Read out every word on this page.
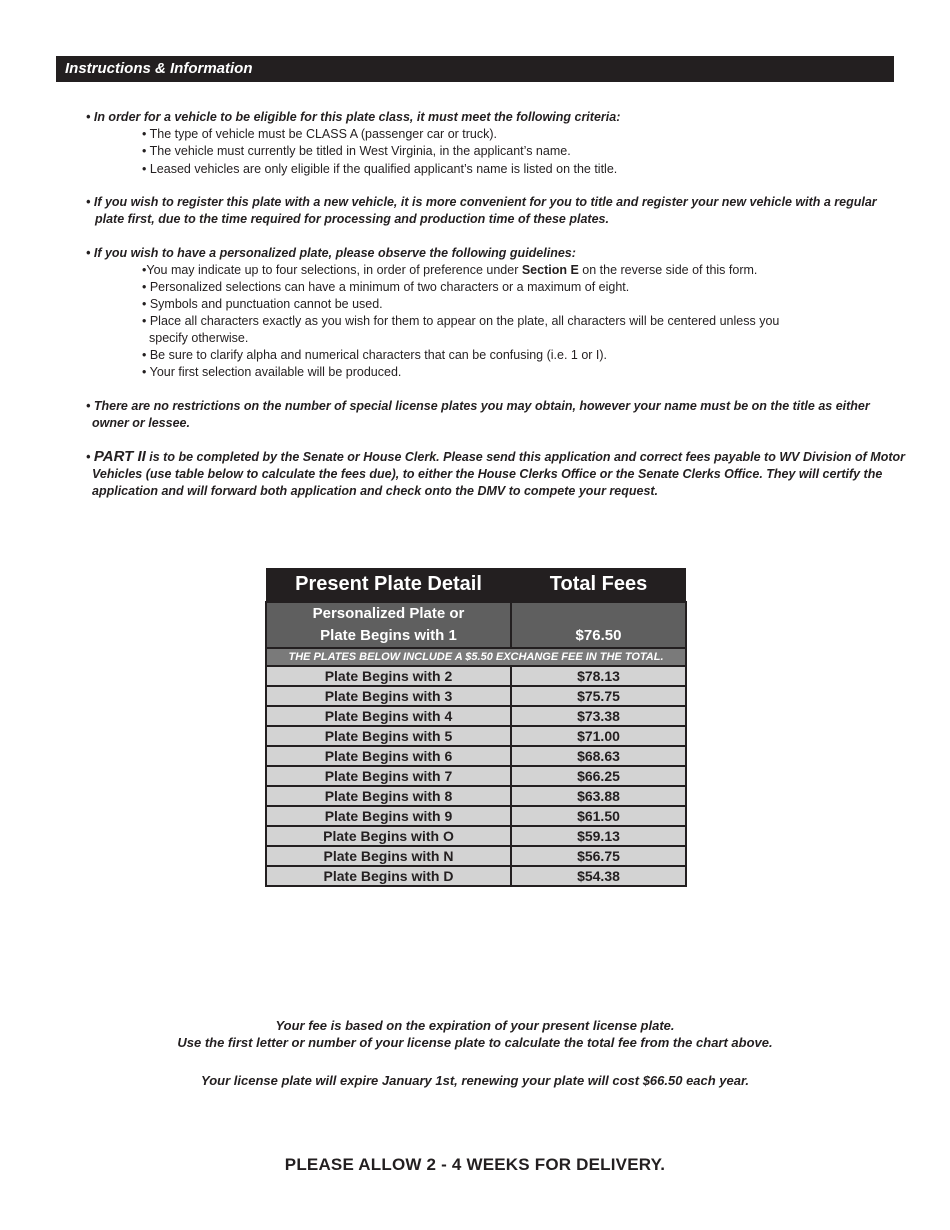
Instructions & Information
• In order for a vehicle to be eligible for this plate class, it must meet the following criteria:
• The type of vehicle must be CLASS A (passenger car or truck).
• The vehicle must currently be titled in West Virginia, in the applicant’s name.
• Leased vehicles are only eligible if the qualified applicant’s name is listed on the title.
• If you wish to register this plate with a new vehicle, it is more convenient for you to title and register your new vehicle with a regular
plate first, due to the time required for processing and production time of these plates.
• If you wish to have a personalized plate, please observe the following guidelines:
•You may indicate up to four selections, in order of preference under Section E on the reverse side of this form.
• Personalized selections can have a minimum of two characters or a maximum of eight.
• Symbols and punctuation cannot be used.
• Place all characters exactly as you wish for them to appear on the plate, all characters will be centered unless you
specify otherwise.
• Be sure to clarify alpha and numerical characters that can be confusing (i.e. 1 or I).
• Your first selection available will be produced.
• There are no restrictions on the number of special license plates you may obtain, however your name must be on the title as either
owner or lessee.
• PART II is to be completed by the Senate or House Clerk. Please send this application and correct fees payable to WV Division of Motor
Vehicles (use table below to calculate the fees due), to either the House Clerks Office or the Senate Clerks Office. They will certify the
application and will forward both application and check onto the DMV to compete your request.
Present Plate Detail	Total Fees

Personalized Plate or
Plate Begins with 1	$76.50
THE PLATES BELOW INCLUDE A $5.50 EXCHANGE FEE IN THE TOTAL.	
Plate Begins with 2	$78.13
Plate Begins with 3	$75.75
Plate Begins with 4	$73.38
Plate Begins with 5	$71.00
Plate Begins with 6	$68.63
Plate Begins with 7	$66.25
Plate Begins with 8	$63.88
Plate Begins with 9	$61.50
Plate Begins with O	$59.13
Plate Begins with N	$56.75
Plate Begins with D	$54.38
Your fee is based on the expiration of your present license plate.
Use the first letter or number of your license plate to calculate the total fee from the chart above.
Your license plate will expire January 1st, renewing your plate will cost $66.50 each year.
PLEASE ALLOW 2 - 4 WEEKS FOR DELIVERY.
